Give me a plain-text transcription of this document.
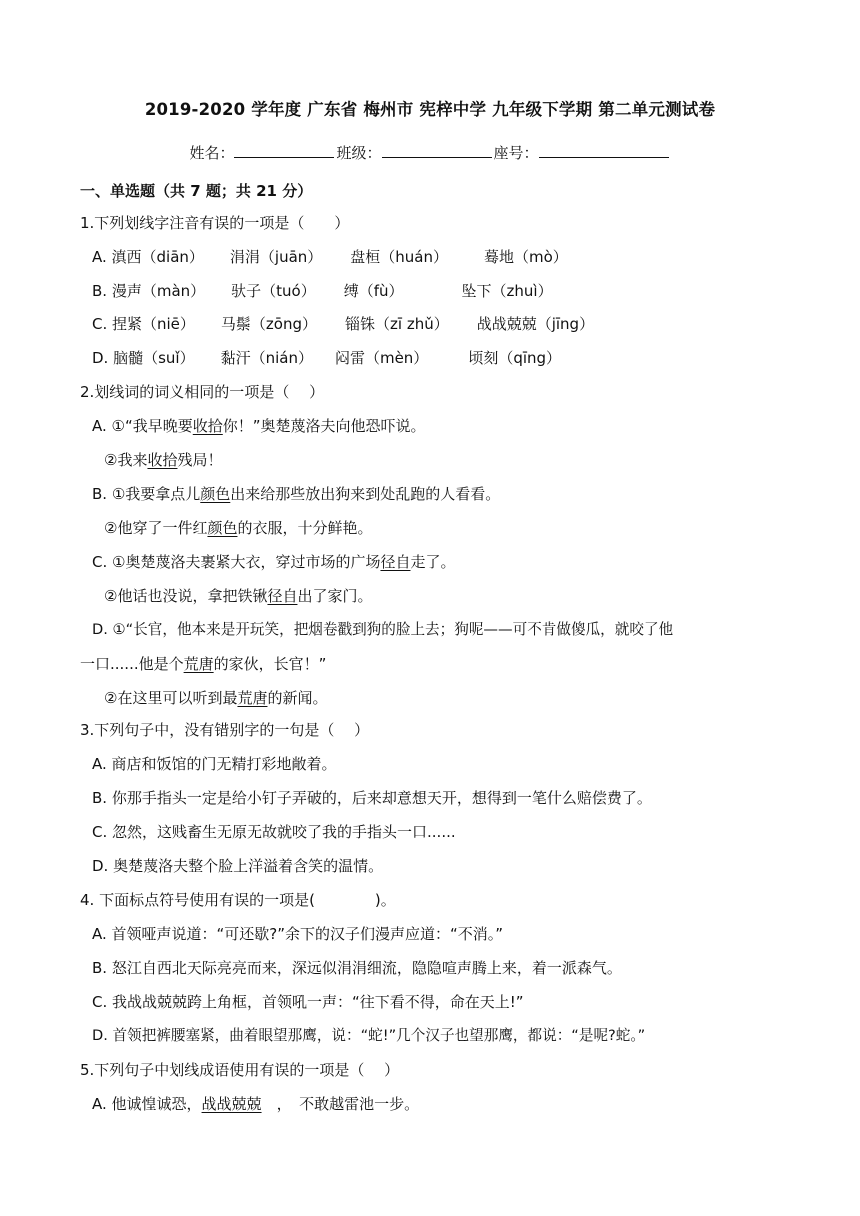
2019-2020 学年度 广东省 梅州市 宪梓中学 九年级下学期 第二单元测试卷
姓名：	班级：	座号：
一、单选题（共 7 题；共 21 分）
1.下列划线字注音有误的一项是（　　）
A. 滇西（diān） 涓涓（juān） 盘桓（huán） 蓦地（mò）
B. 漫声（màn） 驮子（tuó） 缚（fù）	坠下（zhuì）
C. 捏紧（niē） 马鬃（zōng） 锱铢（zī zhǔ） 战战兢兢（jīng）
D. 脑髓（suǐ） 黏汗（nián） 闷雷（mèn）	顷刻（qīng）
2.划线词的词义相同的一项是（　 ）
A. ①“我早晚要收拾你！”奥楚蔑洛夫向他恐吓说。
②我来收拾残局！
B. ①我要拿点儿颜色出来给那些放出狗来到处乱跑的人看看。
②他穿了一件红颜色的衣服，十分鲜艳。
C. ①奥楚蔑洛夫裹紧大衣，穿过市场的广场径自走了。
②他话也没说，拿把铁锹径自出了家门。
D. ①“长官，他本来是开玩笑，把烟卷戳到狗的脸上去；狗呢——可不肯做傻瓜，就咬了他
一口......他是个荒唐的家伙，长官！”
②在这里可以听到最荒唐的新闻。
3.下列句子中，没有错别字的一句是（　 ）
A. 商店和饭馆的门无精打彩地敞着。
B. 你那手指头一定是给小钉子弄破的，后来却意想天开，想得到一笔什么赔偿费了。
C. 忽然，这贱畜生无原无故就咬了我的手指头一口......
D. 奥楚蔑洛夫整个脸上洋溢着含笑的温情。
4. 下面标点符号使用有误的一项是(　　　　)。
A. 首领哑声说道：“可还歇?”余下的汉子们漫声应道：“不消。”
B. 怒江自西北天际亮亮而来，深远似涓涓细流，隐隐喧声腾上来，着一派森气。
C. 我战战兢兢跨上角框，首领吼一声：“往下看不得，命在天上!”
D. 首领把裤腰塞紧，曲着眼望那鹰，说：“蛇!”几个汉子也望那鹰，都说：“是呢?蛇。”
5.下列句子中划线成语使用有误的一项是（　 ）
A. 他诚惶诚恐，战战兢兢　，　不敢越雷池一步。
